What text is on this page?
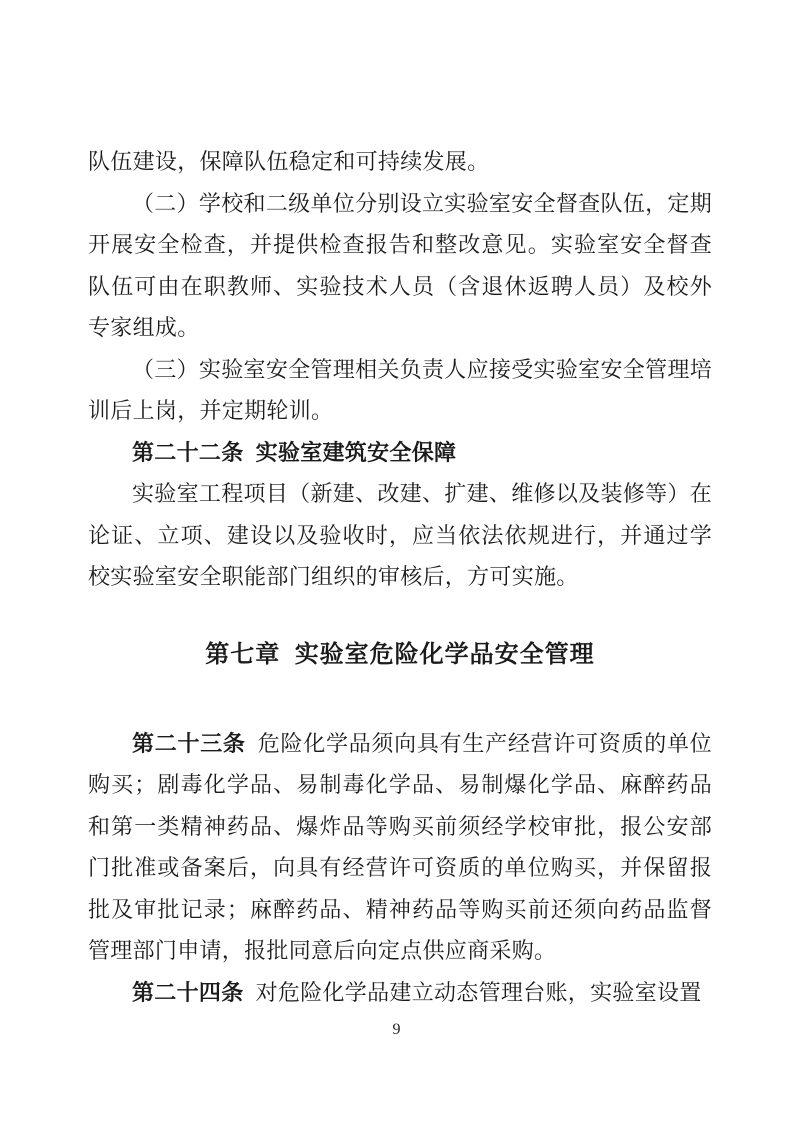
队伍建设，保障队伍稳定和可持续发展。

（二）学校和二级单位分别设立实验室安全督查队伍，定期开展安全检查，并提供检查报告和整改意见。实验室安全督查队伍可由在职教师、实验技术人员（含退休返聘人员）及校外专家组成。

（三）实验室安全管理相关负责人应接受实验室安全管理培训后上岗，并定期轮训。

第二十二条 实验室建筑安全保障

实验室工程项目（新建、改建、扩建、维修以及装修等）在论证、立项、建设以及验收时，应当依法依规进行，并通过学校实验室安全职能部门组织的审核后，方可实施。

第七章 实验室危险化学品安全管理

第二十三条 危险化学品须向具有生产经营许可资质的单位购买；剧毒化学品、易制毒化学品、易制爆化学品、麻醉药品和第一类精神药品、爆炸品等购买前须经学校审批，报公安部门批准或备案后，向具有经营许可资质的单位购买，并保留报批及审批记录；麻醉药品、精神药品等购买前还须向药品监督管理部门申请，报批同意后向定点供应商采购。

第二十四条 对危险化学品建立动态管理台账，实验室设置

9
